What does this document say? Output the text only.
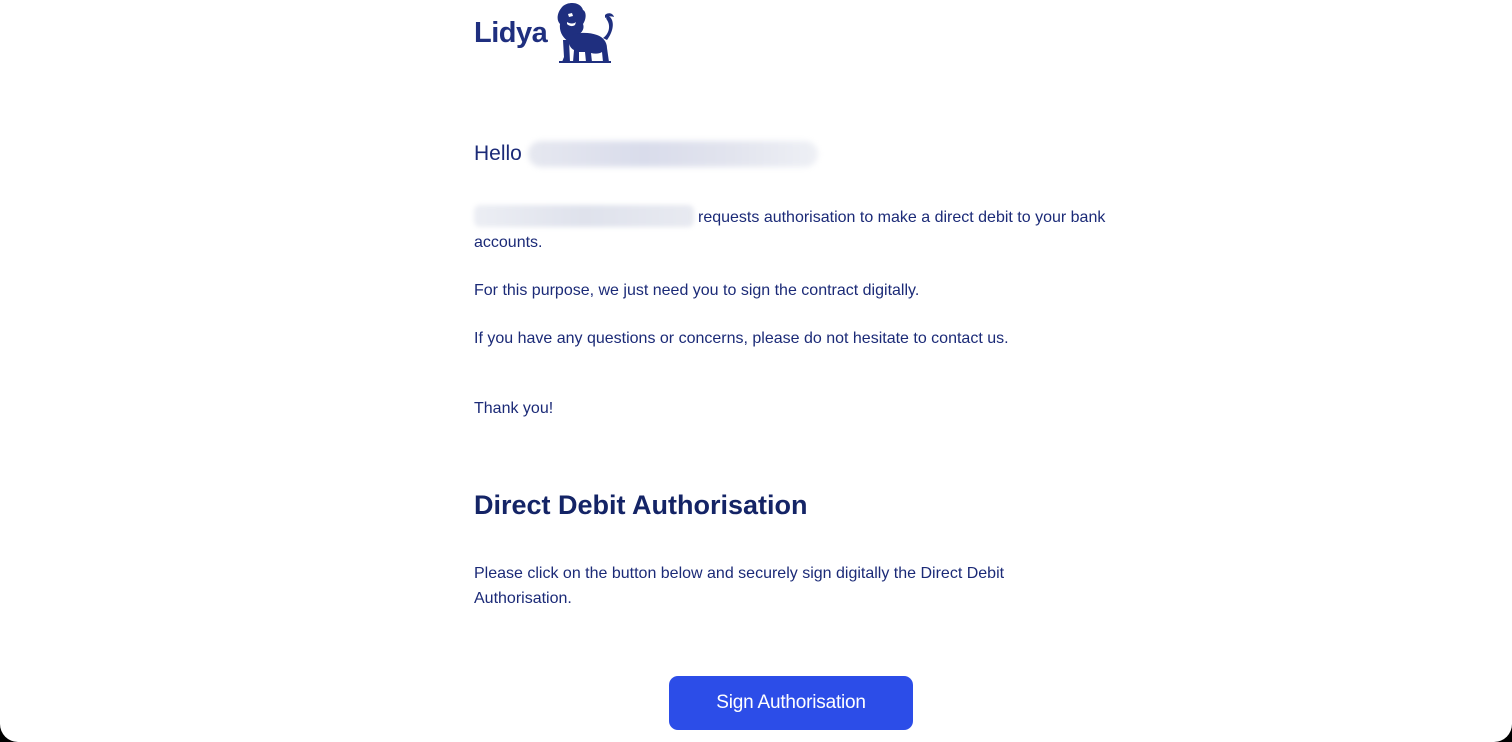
Lidya
Hello

requests authorisation to make a direct debit to your bank accounts.

For this purpose, we just need you to sign the contract digitally.

If you have any questions or concerns, please do not hesitate to contact us.

Thank you!

Direct Debit Authorisation

Please click on the button below and securely sign digitally the Direct Debit Authorisation.

Sign Authorisation
